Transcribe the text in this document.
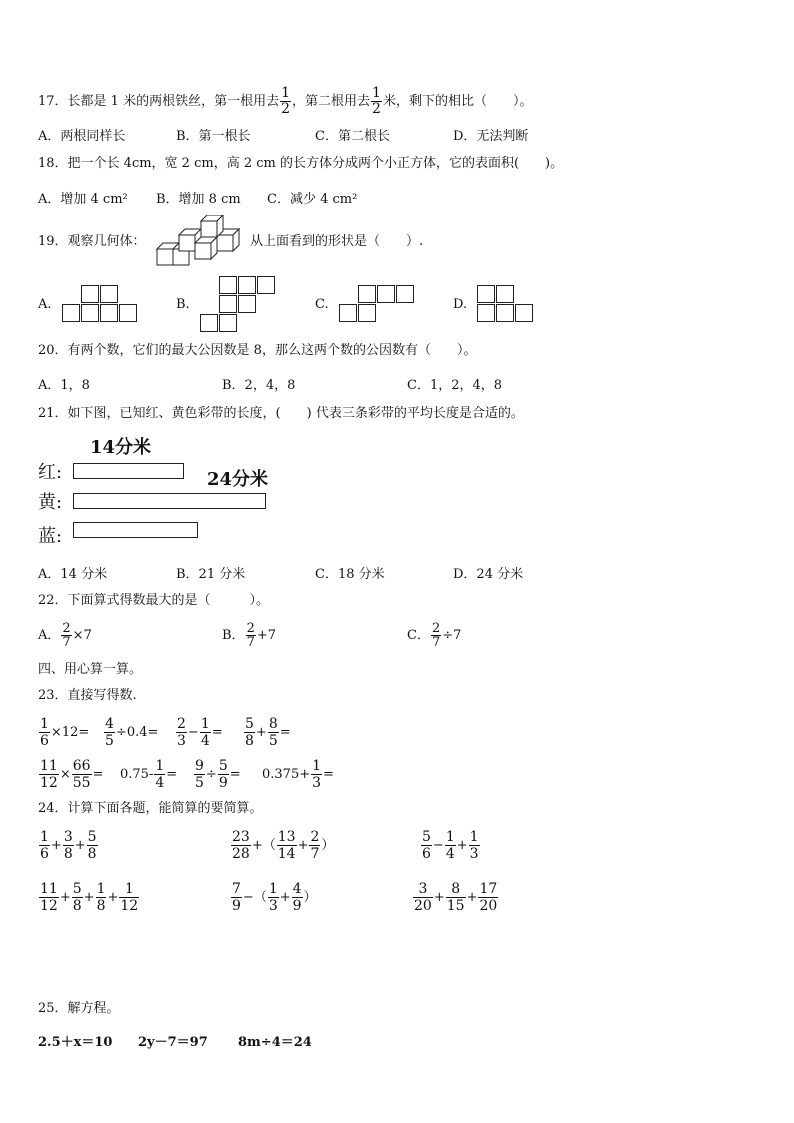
17．长都是 1 米的两根铁丝，第一根用去 $\frac{1}{2}$ ，第二根用去 $\frac{1}{2}$ 米，剩下的相比（　　）。
A．两根同样长	B．第一根长	C．第二根长	D．无法判断
18．把一个长 4cm，宽 2 cm，高 2 cm 的长方体分成两个小正方体，它的表面积(　　)。
A．增加 4 cm² B．增加 8 cm C．减少 4 cm²
19．观察几何体：	从上面看到的形状是（　　）.
A.	B.	C.	D.
20．有两个数，它们的最大公因数是 8，那么这两个数的公因数有（　　）。
A．1，8	B．2，4，8	C．1，2，4，8
21．如下图，已知红、黄色彩带的长度，(　　) 代表三条彩带的平均长度是合适的。
14分米
红:	24分米
黄:
蓝:
A．14 分米	B．21 分米	C．18 分米	D．24 分米
22．下面算式得数最大的是（　　　）。
A． $\frac{2}{7} \times 7$	B． $\frac{2}{7} +7$	C． $\frac{2}{7} \div 7$
四、用心算一算。
23．直接写得数.
$\frac{1}{6} \times 12= \frac{4}{5} \div 0.4= \frac{2}{3} - \frac{1}{4} = \frac{5}{8} + \frac{8}{5}$ =
$\frac{11}{12} \times \frac{66}{55} = 0.75- \frac{1}{4} = \frac{9}{5} \div \frac{5}{9} = 0.375+ \frac{1}{3}$ =
24．计算下面各题，能简算的要简算。
$\frac{1}{6} + \frac{3}{8} + \frac{5}{8}$	$\frac{23}{28}$ +（ $\frac{13}{14} + \frac{2}{7}$ ）	$\frac{5}{6} - \frac{1}{4} + \frac{1}{3}$
$\frac{11}{12} + \frac{5}{8} + \frac{1}{8} + \frac{1}{12}$	$\frac{7}{9}$ −（ $\frac{1}{3} + \frac{4}{9}$ ）	$\frac{3}{20} + \frac{8}{15} + \frac{17}{20}$
25．解方程。
2.5＋x＝10 2y－7＝97 8m÷4＝24
